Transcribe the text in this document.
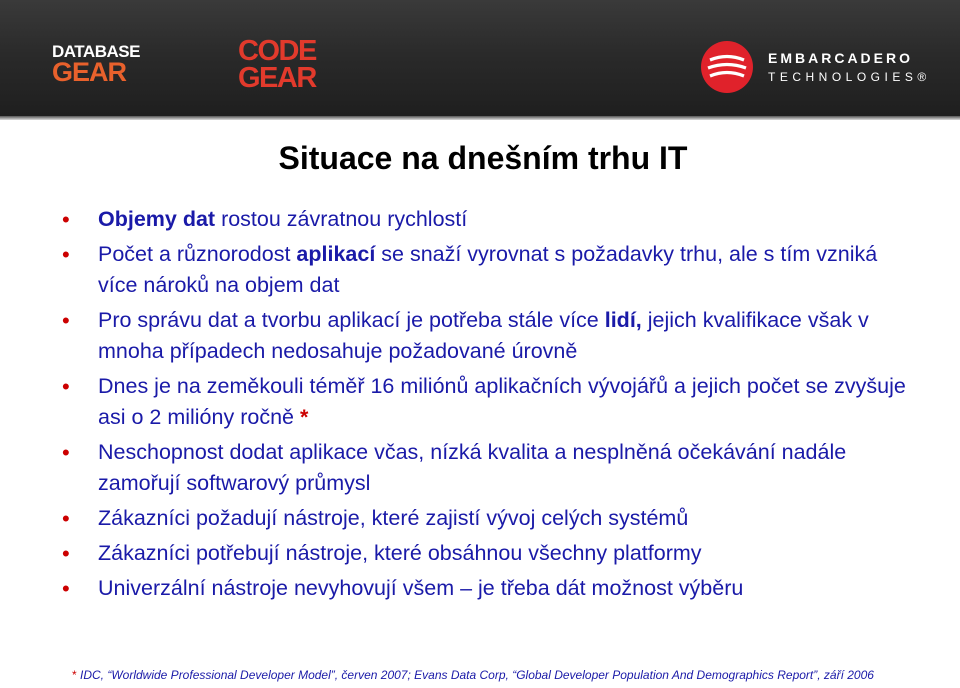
DATABASE
GEAR
CODE
GEAR
EMBARCADERO
TECHNOLOGIES®
Situace na dnešním trhu IT
• Objemy dat rostou závratnou rychlostí
• Počet a různorodost aplikací se snaží vyrovnat s požadavky trhu, ale s tím vzniká více nároků na objem dat
• Pro správu dat a tvorbu aplikací je potřeba stále více lidí, jejich kvalifikace však v mnoha případech nedosahuje požadované úrovně
• Dnes je na zeměkouli téměř 16 miliónů aplikačních vývojářů a jejich počet se zvyšuje asi o 2 milióny ročně *
• Neschopnost dodat aplikace včas, nízká kvalita a nesplněná očekávání nadále zamořují softwarový průmysl
• Zákazníci požadují nástroje, které zajistí vývoj celých systémů
• Zákazníci potřebují nástroje, které obsáhnou všechny platformy
• Univerzální nástroje nevyhovují všem – je třeba dát možnost výběru
* IDC, “Worldwide Professional Developer Model”, červen 2007; Evans Data Corp, “Global Developer Population And Demographics Report”, září 2006
